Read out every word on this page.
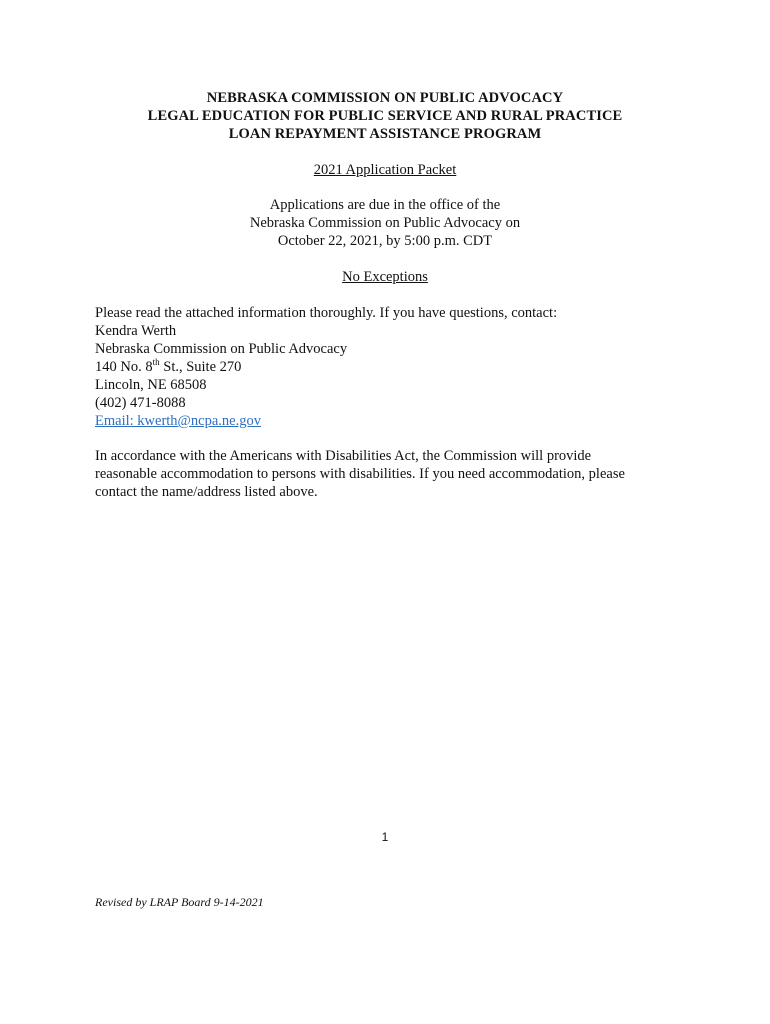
NEBRASKA COMMISSION ON PUBLIC ADVOCACY
LEGAL EDUCATION FOR PUBLIC SERVICE AND RURAL PRACTICE
LOAN REPAYMENT ASSISTANCE PROGRAM
2021 Application Packet
Applications are due in the office of the
Nebraska Commission on Public Advocacy on
October 22, 2021, by 5:00 p.m. CDT
No Exceptions
Please read the attached information thoroughly. If you have questions, contact:
Kendra Werth
Nebraska Commission on Public Advocacy
140 No. 8th St., Suite 270
Lincoln, NE 68508
(402) 471-8088
Email: kwerth@ncpa.ne.gov
In accordance with the Americans with Disabilities Act, the Commission will provide
reasonable accommodation to persons with disabilities. If you need accommodation, please
contact the name/address listed above.
1
Revised by LRAP Board 9-14-2021
